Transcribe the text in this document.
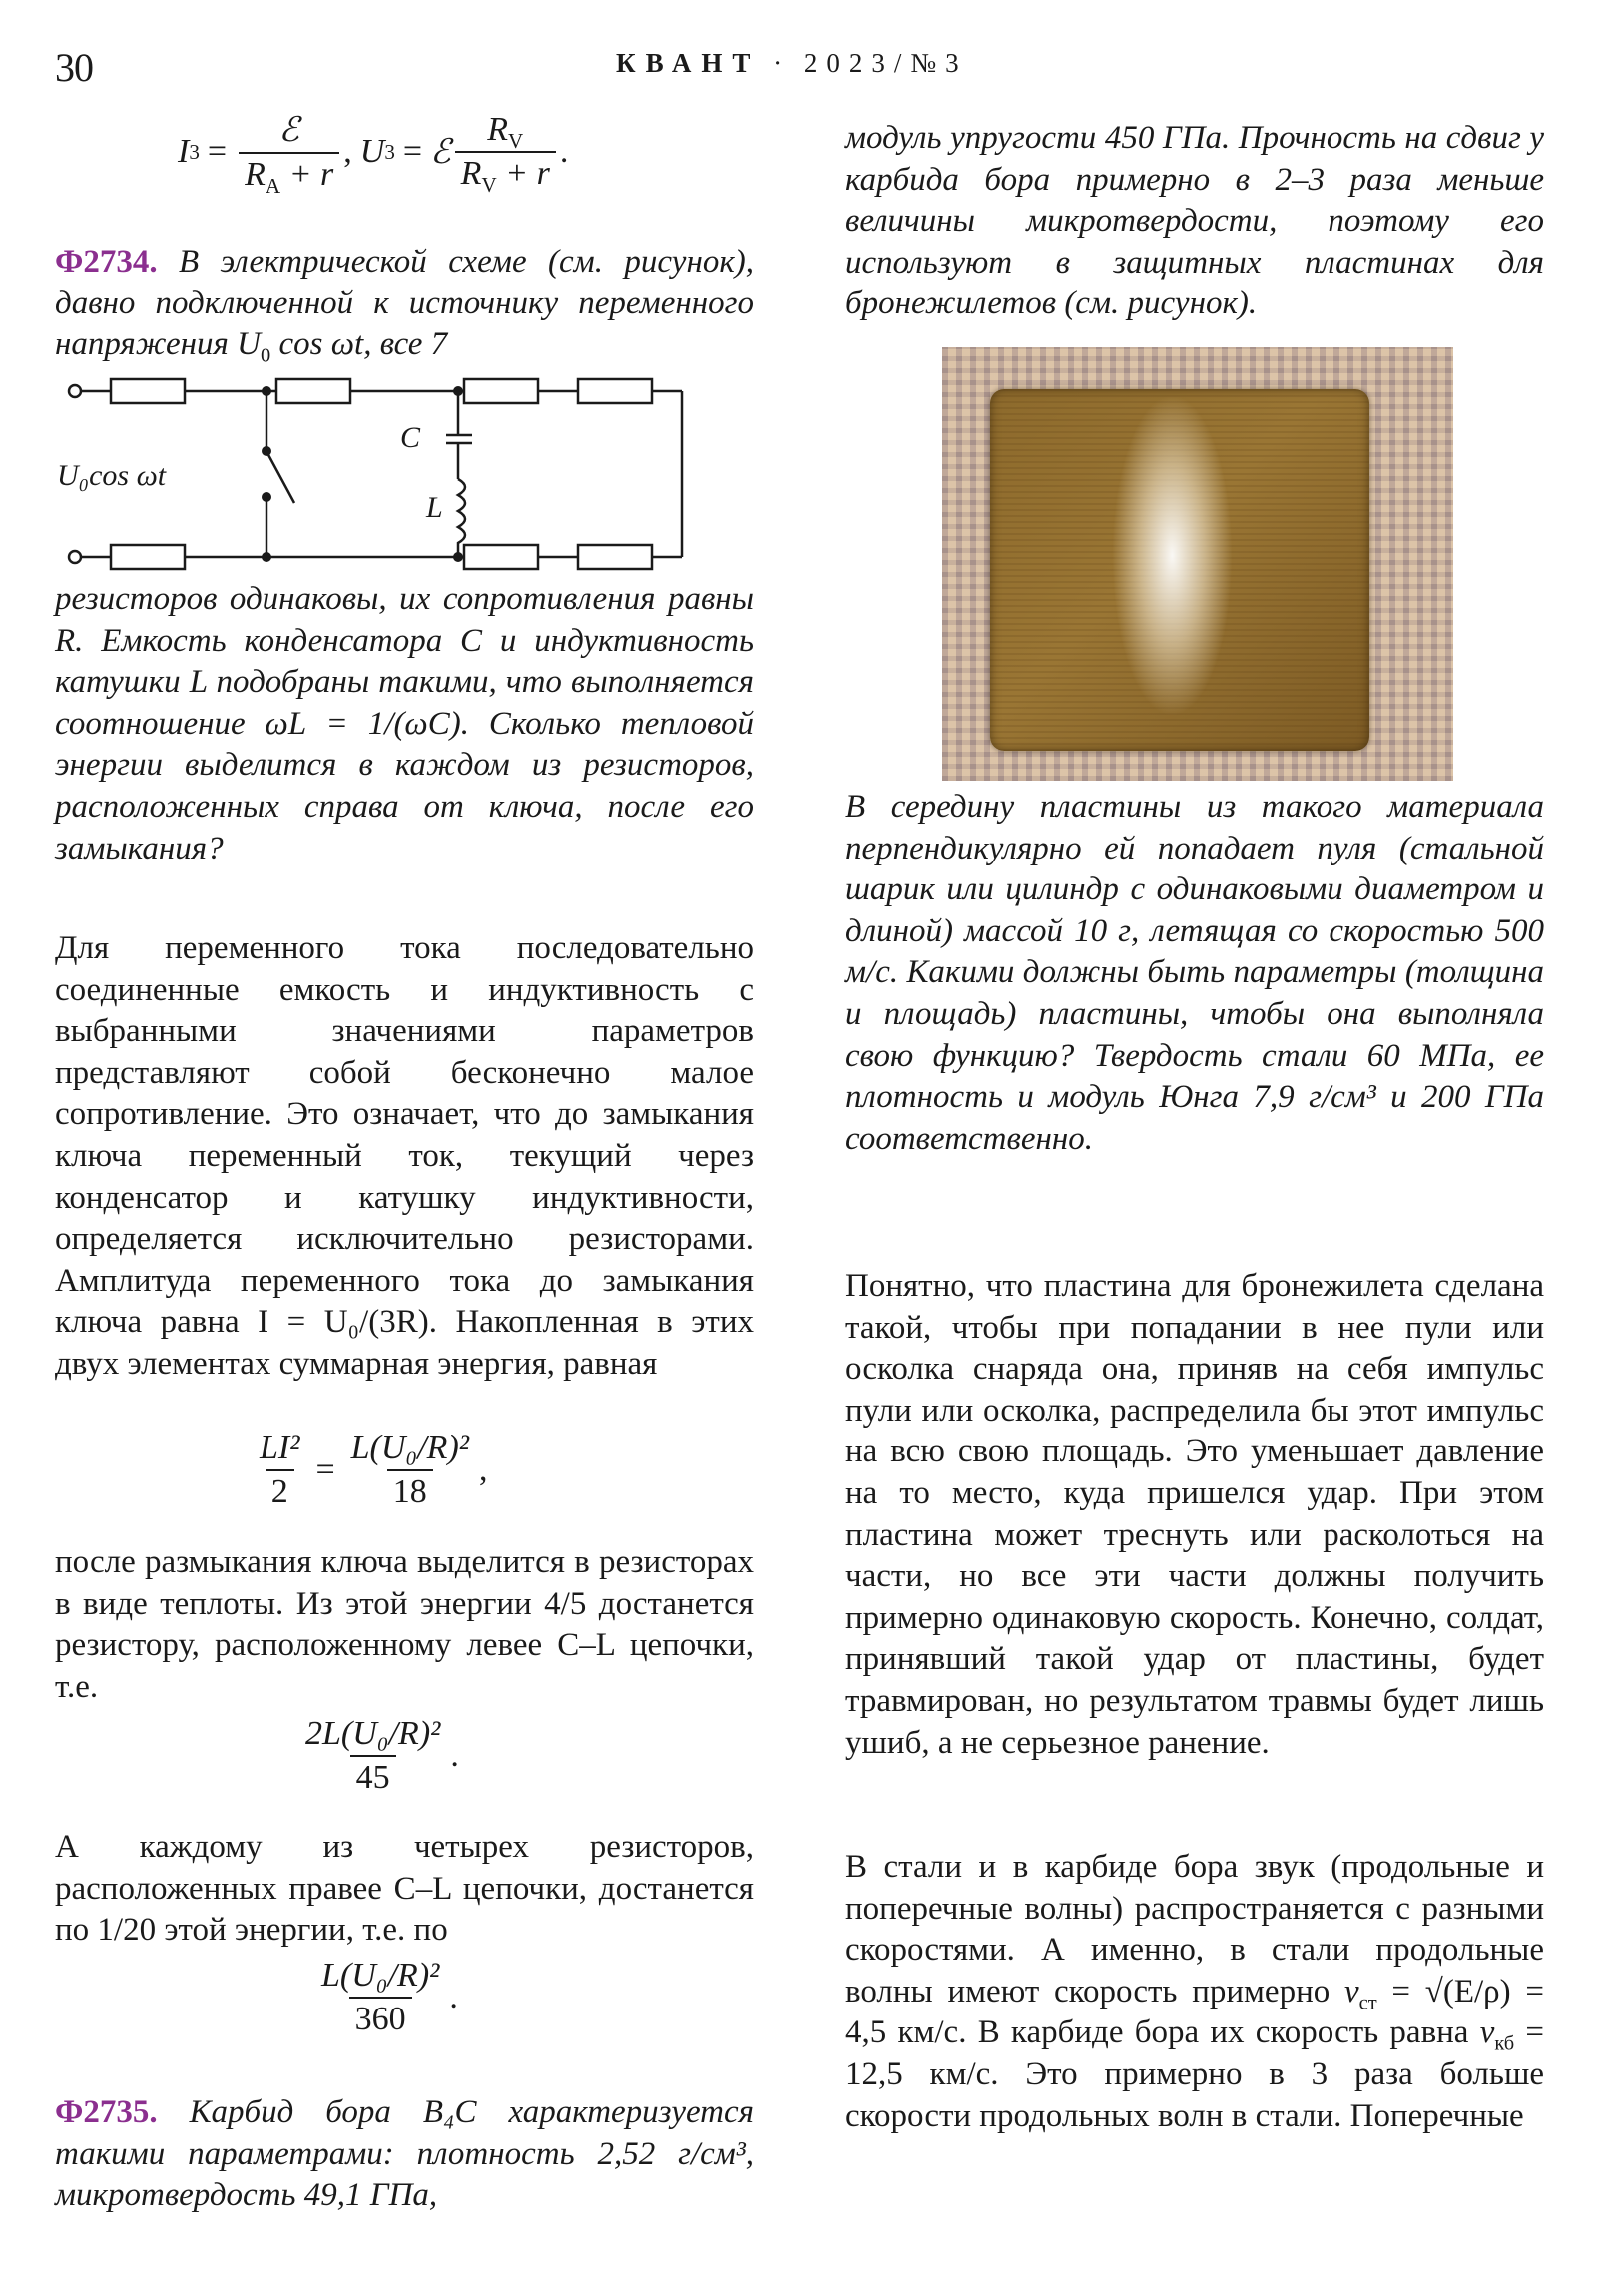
30	КВАНТ · 2023/№3
I $3 = \frac{\text{ℰ}}{R_A + r}$ , U 3 = ℰ $\frac{R_V}{R_V + r}$ .

Ф2734. В электрической схеме (см. рисунок), давно подключенной к источнику переменного напряжения $U_0$ cos ωt, все 7

U₀cos ωt
C
L

резисторов одинаковы, их сопротивления равны R. Емкость конденсатора C и индуктивность катушки L подобраны такими, что выполняется соотношение ωL = 1/(ωC). Сколько тепловой энергии выделится в каждом из резисторов, расположенных справа от ключа, после его замыкания?

Для переменного тока последовательно соединенные емкость и индуктивность с выбранными значениями параметров представляют собой бесконечно малое сопротивление. Это означает, что до замыкания ключа переменный ток, текущий через конденсатор и катушку индуктивности, определяется исключительно резисторами. Амплитуда переменного тока до замыкания ключа равна I = U₀/(3R). Накопленная в этих двух элементах суммарная энергия, равная

$\frac{\text{LI²}}{2} = \frac{\text{L(U₀/R)²}}{18}$ ,

после размыкания ключа выделится в резисторах в виде теплоты. Из этой энергии 4/5 достанется резистору, расположенному левее C–L цепочки, т.е.

$\frac{\text{2L(U₀/R)²}}{45}$ .

А каждому из четырех резисторов, расположенных правее C–L цепочки, достанется по 1/20 этой энергии, т.е. по

$\frac{\text{L(U₀/R)²}}{360}$ .

Ф2735. Карбид бора B₄C характеризуется такими параметрами: плотность 2,52 г/см³, микротвердость 49,1 ГПа,

модуль упругости 450 ГПа. Прочность на сдвиг у карбида бора примерно в 2–3 раза меньше величины микротвердости, поэтому его используют в защитных пластинах для бронежилетов (см. рисунок).

В середину пластины из такого материала перпендикулярно ей попадает пуля (стальной шарик или цилиндр с одинаковыми диаметром и длиной) массой 10 г, летящая со скоростью 500 м/с. Какими должны быть параметры (толщина и площадь) пластины, чтобы она выполняла свою функцию? Твердость стали 60 МПа, ее плотность и модуль Юнга 7,9 г/см³ и 200 ГПа соответственно.

Понятно, что пластина для бронежилета сделана такой, чтобы при попадании в нее пули или осколка снаряда она, приняв на себя импульс пули или осколка, распределила бы этот импульс на всю свою площадь. Это уменьшает давление на то место, куда пришелся удар. При этом пластина может треснуть или расколоться на части, но все эти части должны получить примерно одинаковую скорость. Конечно, солдат, принявший такой удар от пластины, будет травмирован, но результатом травмы будет лишь ушиб, а не серьезное ранение.

В стали и в карбиде бора звук (продольные и поперечные волны) распространяется с разными скоростями. А именно, в стали продольные волны имеют скорость примерно $v_{ст} = √(E/\rho) = 4,5$ км/с. В карбиде бора их скорость равна $v_{кб} = 12,5$ км/с. Это примерно в 3 раза больше скорости продольных волн в стали. Поперечные
